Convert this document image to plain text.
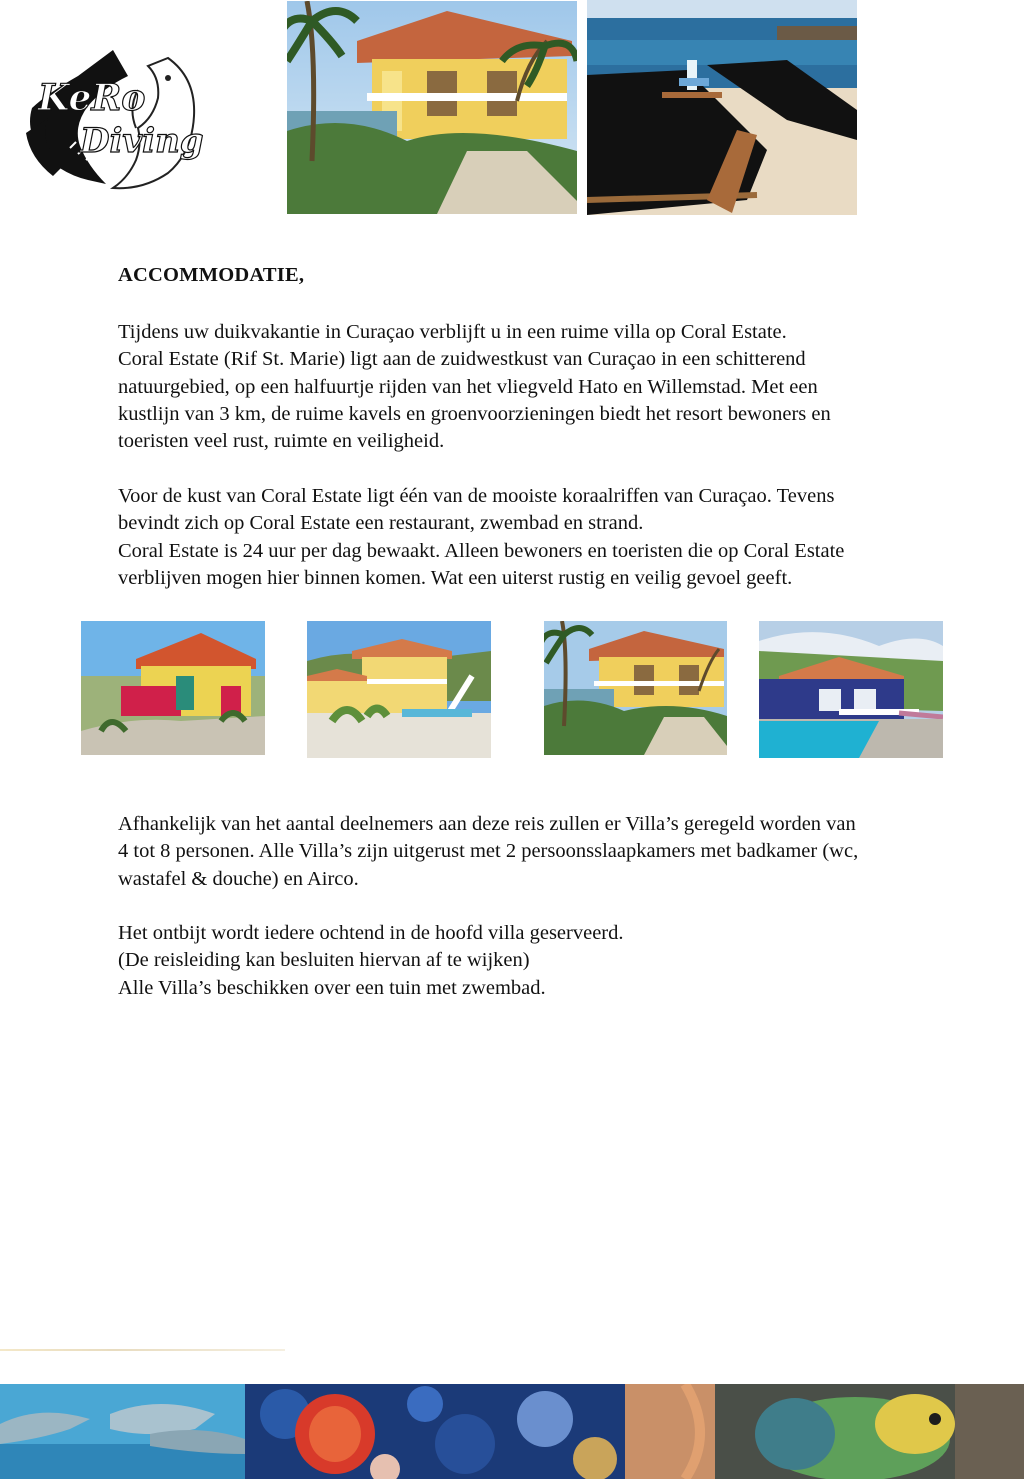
KeRo
Diving
ACCOMMODATIE,

Tijdens uw duikvakantie in Curaçao verblijft u in een ruime villa op Coral Estate.

Coral Estate (Rif St. Marie) ligt aan de zuidwestkust van Curaçao in een schitterend

natuurgebied, op een halfuurtje rijden van het vliegveld Hato en Willemstad. Met een

kustlijn van 3 km, de ruime kavels en groenvoorzieningen biedt het resort bewoners en

toeristen veel rust, ruimte en veiligheid.

Voor de kust van Coral Estate ligt één van de mooiste koraalriffen van Curaçao. Tevens

bevindt zich op Coral Estate een restaurant, zwembad en strand.

Coral Estate is 24 uur per dag bewaakt. Alleen bewoners en toeristen die op Coral Estate

verblijven mogen hier binnen komen. Wat een uiterst rustig en veilig gevoel geeft.

Afhankelijk van het aantal deelnemers aan deze reis zullen er Villa’s geregeld worden van

4 tot 8 personen. Alle Villa’s zijn uitgerust met 2 persoonsslaapkamers met badkamer (wc,

wastafel & douche) en Airco.

Het ontbijt wordt iedere ochtend in de hoofd villa geserveerd.

(De reisleiding kan besluiten hiervan af te wijken)

Alle Villa’s beschikken over een tuin met zwembad.
